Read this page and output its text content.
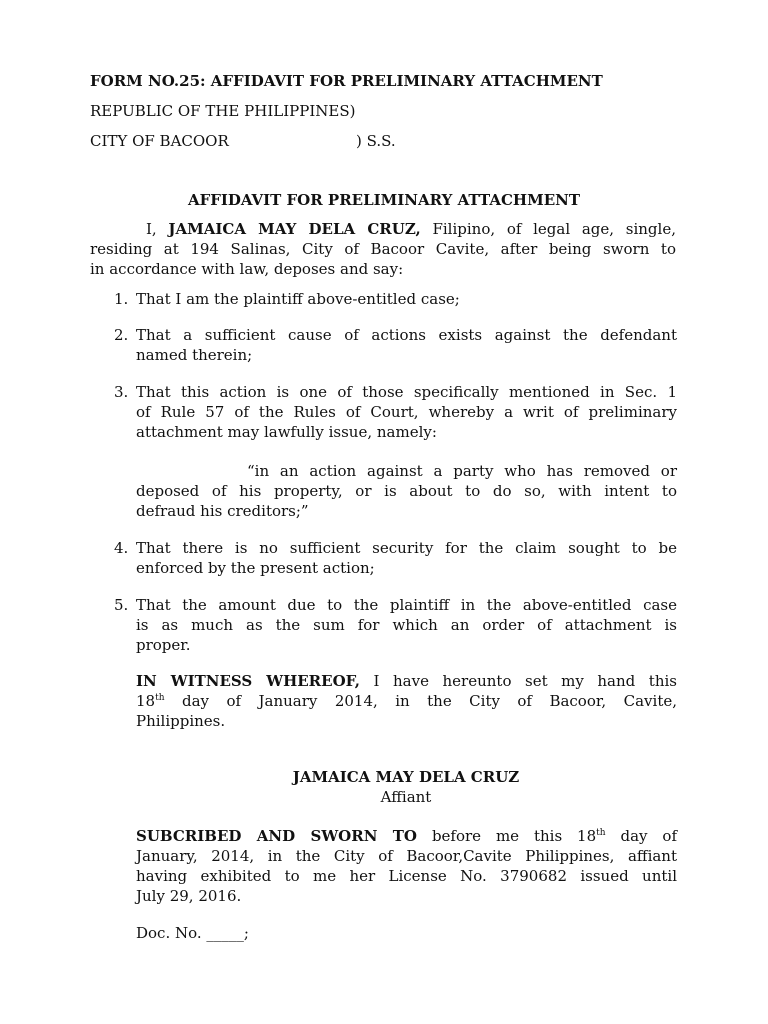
FORM NO.25: AFFIDAVIT FOR PRELIMINARY ATTACHMENT
REPUBLIC OF THE PHILIPPINES)
CITY OF BACOOR	) S.S.
AFFIDAVIT FOR PRELIMINARY ATTACHMENT
I, JAMAICA MAY DELA CRUZ, Filipino, of legal age, single,
residing at 194 Salinas, City of Bacoor Cavite, after being sworn to
in accordance with law, deposes and say:
1. That I am the plaintiff above-entitled case;
2. That a sufficient cause of actions exists against the defendant
named therein;
3. That this action is one of those specifically mentioned in Sec. 1
of Rule 57 of the Rules of Court, whereby a writ of preliminary
attachment may lawfully issue, namely:
“in an action against a party who has removed or
deposed of his property, or is about to do so, with intent to
defraud his creditors;”
4. That there is no sufficient security for the claim sought to be
enforced by the present action;
5. That the amount due to the plaintiff in the above-entitled case
is as much as the sum for which an order of attachment is
proper.
IN WITNESS WHEREOF, I have hereunto set my hand this
18th day of January 2014, in the City of Bacoor, Cavite,
Philippines.
JAMAICA MAY DELA CRUZ
Affiant
SUBCRIBED AND SWORN TO before me this 18th day of
January, 2014, in the City of Bacoor,Cavite Philippines, affiant
having exhibited to me her License No. 3790682 issued until
July 29, 2016.
Doc. No. _____;
